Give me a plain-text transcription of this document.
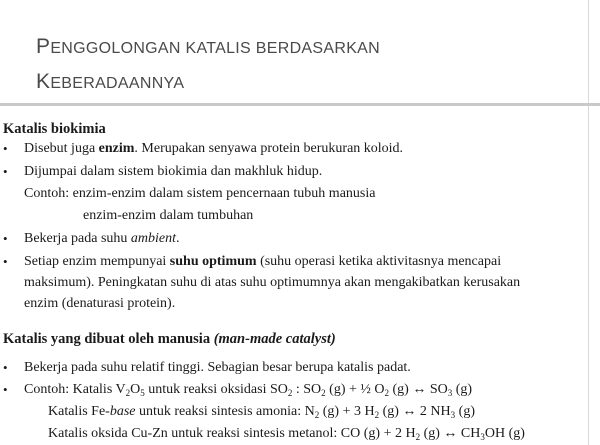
PENGGOLONGAN KATALIS BERDASARKAN
KEBERADAANNYA
Katalis biokimia
• Disebut juga enzim. Merupakan senyawa protein berukuran koloid.
• Dijumpai dalam sistem biokimia dan makhluk hidup.
Contoh: enzim-enzim dalam sistem pencernaan tubuh manusia
enzim-enzim dalam tumbuhan
• Bekerja pada suhu ambient.
• Setiap enzim mempunyai suhu optimum (suhu operasi ketika aktivitasnya mencapai
maksimum). Peningkatan suhu di atas suhu optimumnya akan mengakibatkan kerusakan
enzim (denaturasi protein).
Katalis yang dibuat oleh manusia (man-made catalyst)
• Bekerja pada suhu relatif tinggi. Sebagian besar berupa katalis padat.
• Contoh: Katalis $V_2O_5$ untuk reaksi oksidasi $SO_2$ : $SO_2$ (g) + ½ $O_2$ (g) ↔ $SO_3$ (g)
Katalis Fe-base untuk reaksi sintesis amonia: $N_2$ (g) + 3 $H_2$ (g) ↔ 2 $NH_3$ (g)
Katalis oksida Cu-Zn untuk reaksi sintesis metanol: CO (g) + 2 $H_2$ (g) ↔ $CH_3OH$ (g)
